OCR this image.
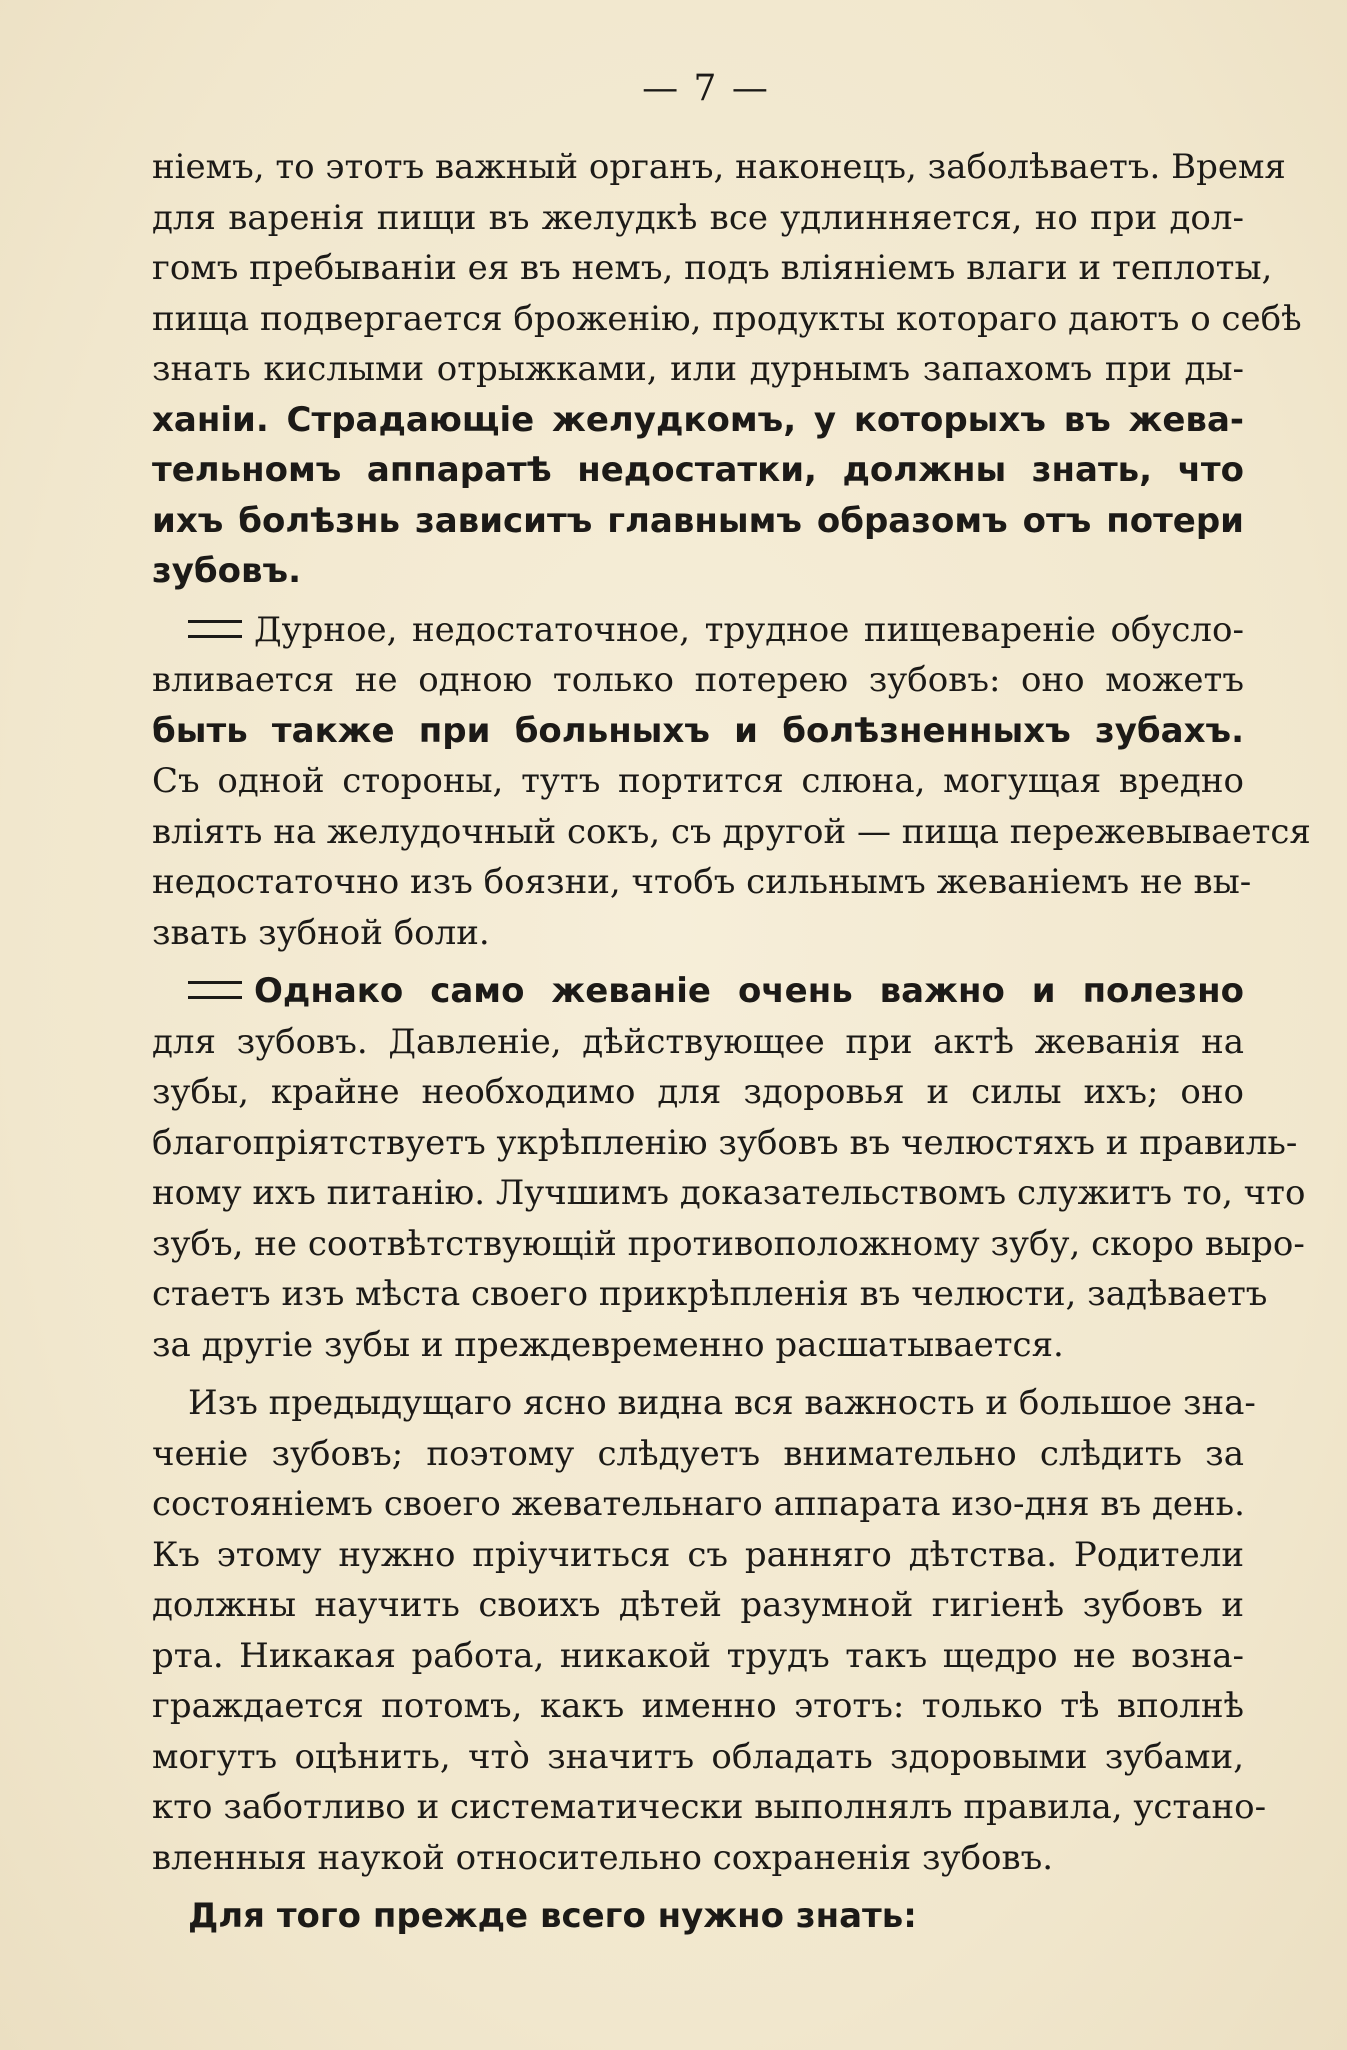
— 7 —
ніемъ, то этотъ важный органъ, наконецъ, заболѣваетъ. Время
для варенія пищи въ желудкѣ все удлинняется, но при дол-
гомъ пребываніи ея въ немъ, подъ вліяніемъ влаги и теплоты,
пища подвергается броженію, продукты котораго даютъ о себѣ
знать кислыми отрыжками, или дурнымъ запахомъ при ды-
ханіи. Страдающіе желудкомъ, у которыхъ въ жева-
тельномъ аппаратѣ недостатки, должны знать, что
ихъ болѣзнь зависитъ главнымъ образомъ отъ потери
зубовъ.
Дурное, недостаточное, трудное пищевареніе обусло-
вливается не одною только потерею зубовъ: оно можетъ
быть также при больныхъ и болѣзненныхъ зубахъ.
Съ одной стороны, тутъ портится слюна, могущая вредно
вліять на желудочный сокъ, съ другой — пища пережевывается
недостаточно изъ боязни, чтобъ сильнымъ жеваніемъ не вы-
звать зубной боли.
Однако само жеваніе очень важно и полезно
для зубовъ. Давленіе, дѣйствующее при актѣ жеванія на
зубы, крайне необходимо для здоровья и силы ихъ; оно
благопріятствуетъ укрѣпленію зубовъ въ челюстяхъ и правиль-
ному ихъ питанію. Лучшимъ доказательствомъ служитъ то, что
зубъ, не соотвѣтствующій противоположному зубу, скоро выро-
стаетъ изъ мѣста своего прикрѣпленія въ челюсти, задѣваетъ
за другіе зубы и преждевременно расшатывается.
Изъ предыдущаго ясно видна вся важность и большое зна-
ченіе зубовъ; поэтому слѣдуетъ внимательно слѣдить за
состояніемъ своего жевательнаго аппарата изо-дня въ день.
Къ этому нужно пріучиться съ ранняго дѣтства. Родители
должны научить своихъ дѣтей разумной гигіенѣ зубовъ и
рта. Никакая работа, никакой трудъ такъ щедро не возна-
граждается потомъ, какъ именно этотъ: только тѣ вполнѣ
могутъ оцѣнить, что̀ значитъ обладать здоровыми зубами,
кто заботливо и систематически выполнялъ правила, устано-
вленныя наукой относительно сохраненія зубовъ.
Для того прежде всего нужно знать:
